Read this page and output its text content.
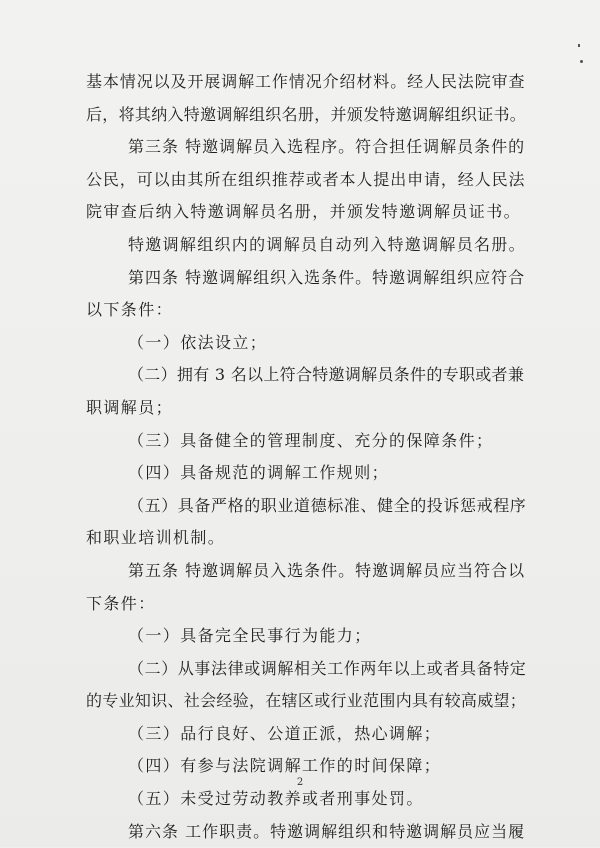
基本情况以及开展调解工作情况介绍材料。经人民法院审查
后，将其纳入特邀调解组织名册，并颁发特邀调解组织证书。
第三条 特邀调解员入选程序。符合担任调解员条件的
公民，可以由其所在组织推荐或者本人提出申请，经人民法
院审查后纳入特邀调解员名册，并颁发特邀调解员证书。
特邀调解组织内的调解员自动列入特邀调解员名册。
第四条 特邀调解组织入选条件。特邀调解组织应符合
以下条件：
（一）依法设立；
（二）拥有 3 名以上符合特邀调解员条件的专职或者兼
职调解员；
（三）具备健全的管理制度、充分的保障条件；
（四）具备规范的调解工作规则；
（五）具备严格的职业道德标准、健全的投诉惩戒程序
和职业培训机制。
第五条 特邀调解员入选条件。特邀调解员应当符合以
下条件：
（一）具备完全民事行为能力；
（二）从事法律或调解相关工作两年以上或者具备特定
的专业知识、社会经验，在辖区或行业范围内具有较高威望；
（三）品行良好、公道正派，热心调解；
（四）有参与法院调解工作的时间保障；
（五）未受过劳动教养或者刑事处罚。
第六条 工作职责。特邀调解组织和特邀调解员应当履
2
